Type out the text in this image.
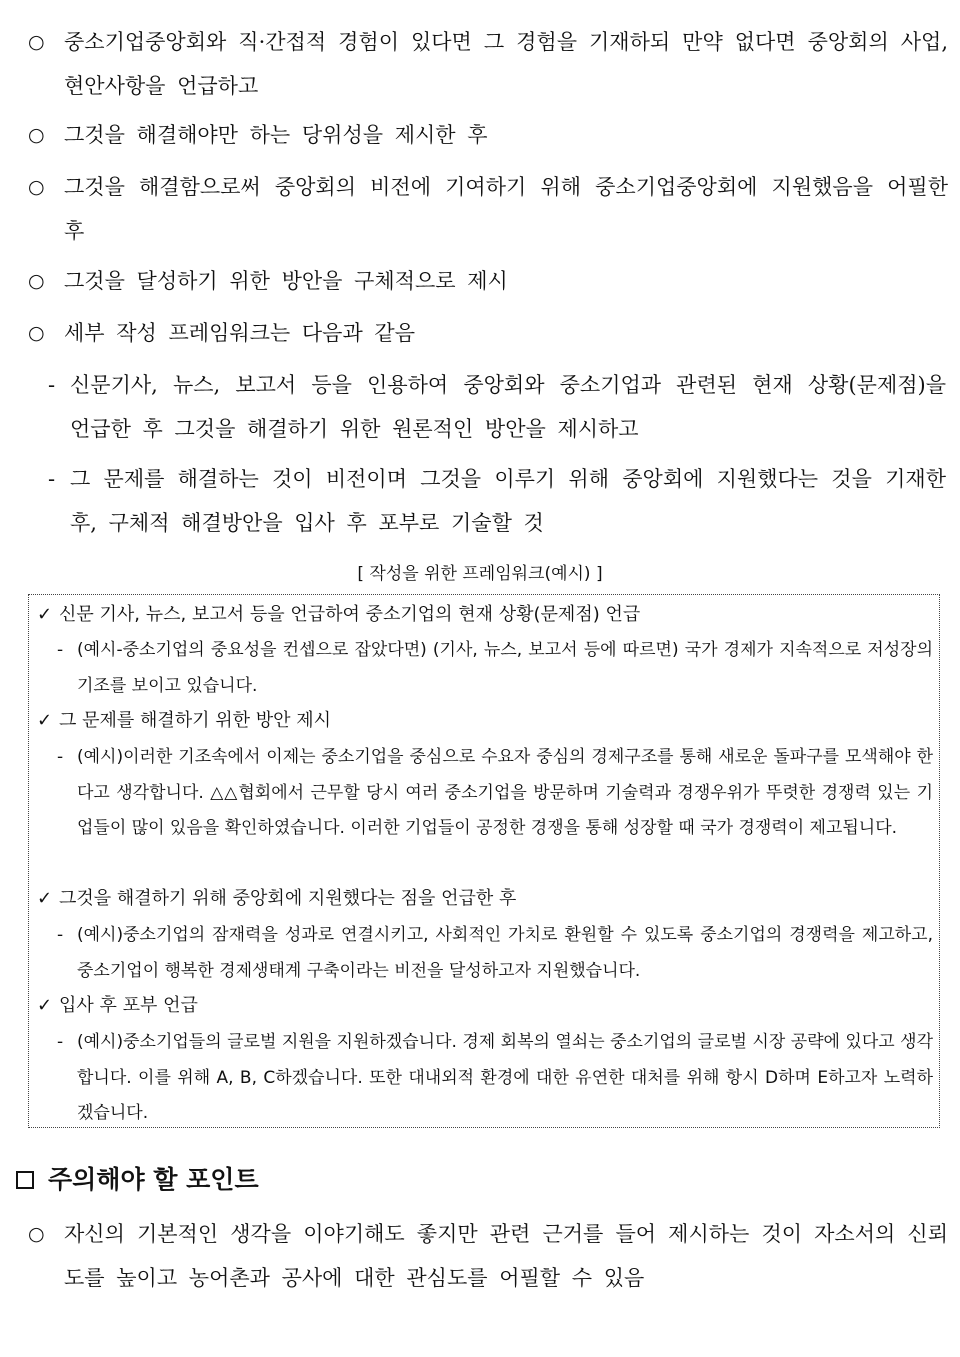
○ 중소기업중앙회와 직·간접적 경험이 있다면 그 경험을 기재하되 만약 없다면 중앙회의 사업, 현안사항을 언급하고
○ 그것을 해결해야만 하는 당위성을 제시한 후
○ 그것을 해결함으로써 중앙회의 비전에 기여하기 위해 중소기업중앙회에 지원했음을 어필한 후
○ 그것을 달성하기 위한 방안을 구체적으로 제시
○ 세부 작성 프레임워크는 다음과 같음
- 신문기사, 뉴스, 보고서 등을 인용하여 중앙회와 중소기업과 관련된 현재 상황(문제점)을 언급한 후 그것을 해결하기 위한 원론적인 방안을 제시하고
- 그 문제를 해결하는 것이 비전이며 그것을 이루기 위해 중앙회에 지원했다는 것을 기재한 후, 구체적 해결방안을 입사 후 포부로 기술할 것
[ 작성을 위한 프레임워크(예시) ]
✓ 신문 기사, 뉴스, 보고서 등을 언급하여 중소기업의 현재 상황(문제점) 언급
- (예시-중소기업의 중요성을 컨셉으로 잡았다면) (기사, 뉴스, 보고서 등에 따르면) 국가 경제가 지속적으로 저성장의 기조를 보이고 있습니다.
✓ 그 문제를 해결하기 위한 방안 제시
- (예시)이러한 기조속에서 이제는 중소기업을 중심으로 수요자 중심의 경제구조를 통해 새로운 돌파구를 모색해야 한다고 생각합니다. △△협회에서 근무할 당시 여러 중소기업을 방문하며 기술력과 경쟁우위가 뚜렷한 경쟁력 있는 기업들이 많이 있음을 확인하였습니다. 이러한 기업들이 공정한 경쟁을 통해 성장할 때 국가 경쟁력이 제고됩니다.
✓ 그것을 해결하기 위해 중앙회에 지원했다는 점을 언급한 후
- (예시)중소기업의 잠재력을 성과로 연결시키고, 사회적인 가치로 환원할 수 있도록 중소기업의 경쟁력을 제고하고, 중소기업이 행복한 경제생태계 구축이라는 비전을 달성하고자 지원했습니다.
✓ 입사 후 포부 언급
- (예시)중소기업들의 글로벌 지원을 지원하겠습니다. 경제 회복의 열쇠는 중소기업의 글로벌 시장 공략에 있다고 생각합니다. 이를 위해 A, B, C하겠습니다. 또한 대내외적 환경에 대한 유연한 대처를 위해 항시 D하며 E하고자 노력하겠습니다.
주의해야 할 포인트
○ 자신의 기본적인 생각을 이야기해도 좋지만 관련 근거를 들어 제시하는 것이 자소서의 신뢰도를 높이고 농어촌과 공사에 대한 관심도를 어필할 수 있음
